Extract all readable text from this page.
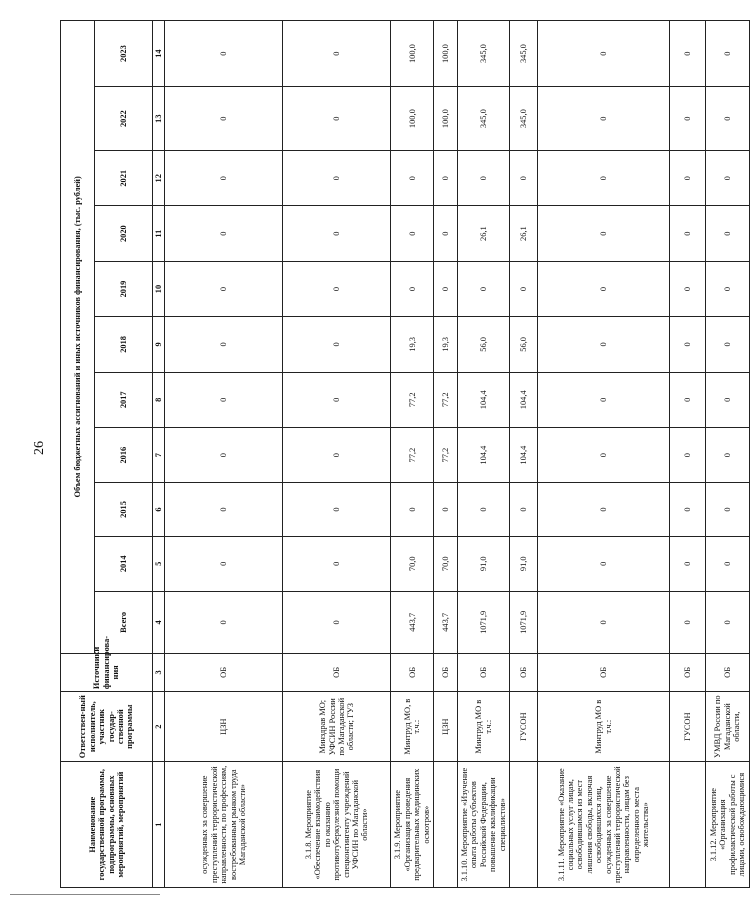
26
Наименование государственной программы, подпрограммы, основных мероприятий, мероприятий	Ответствен-ный исполнитель, участник государ-ственной программы	Источники финансирова-ния	Объем бюджетных ассигнований и иных источников финансирования, (тыс. рублей)										
			Всего	2014	2015	2016	2017	2018	2019	2020	2021	2022	2023
1	2	3	4	5	6	7	8	9	10	11	12	13	14
осужденных за совершение преступлений террористической направленности, по профессиям, востребованным рынком труда Магаданской области»	ЦЗН	ОБ	0	0	0	0	0	0	0	0	0	0	0
3.1.8. Мероприятие «Обеспечение взаимодействия по оказанию противотуберкулезной помощи спецконтингенту учреждений УФСИН по Магаданской области»	Минздрав МО; УФСИН России по Магаданской области; ГУЗ	ОБ	0	0	0	0	0	0	0	0	0	0	0
3.1.9. Мероприятие «Организация проведения предварительных медицинских осмотров»	Минтруд МО, в т.ч.:	ОБ	443,7	70,0	0	77,2	77,2	19,3	0	0	0	100,0	100,0
	ЦЗН	ОБ	443,7	70,0	0	77,2	77,2	19,3	0	0	0	100,0	100,0
3.1.10. Мероприятие «Изучение опыта работы субъектов Российской Федерации, повышение квалификации специалистов»	Минтруд МО в т.ч.:	ОБ	1071,9	91,0	0	104,4	104,4	56,0	0	26,1	0	345,0	345,0
	ГУСОН	ОБ	1071,9	91,0	0	104,4	104,4	56,0	0	26,1	0	345,0	345,0
3.1.11. Мероприятие «Оказание социальных услуг лицам, освободившимся из мест лишения свободы, включая освободившихся лиц, осужденных за совершение преступлений террористической направленности, лицам без определенного места жительства»	Минтруд МО в т.ч.:	ОБ	0	0	0	0	0	0	0	0	0	0	0
	ГУСОН	ОБ	0	0	0	0	0	0	0	0	0	0	0
3.1.12. Мероприятие «Организация профилактической работы с лицами, освобождающимися	УМВД России по Магаданской области,	ОБ	0	0	0	0	0	0	0	0	0	0	0
